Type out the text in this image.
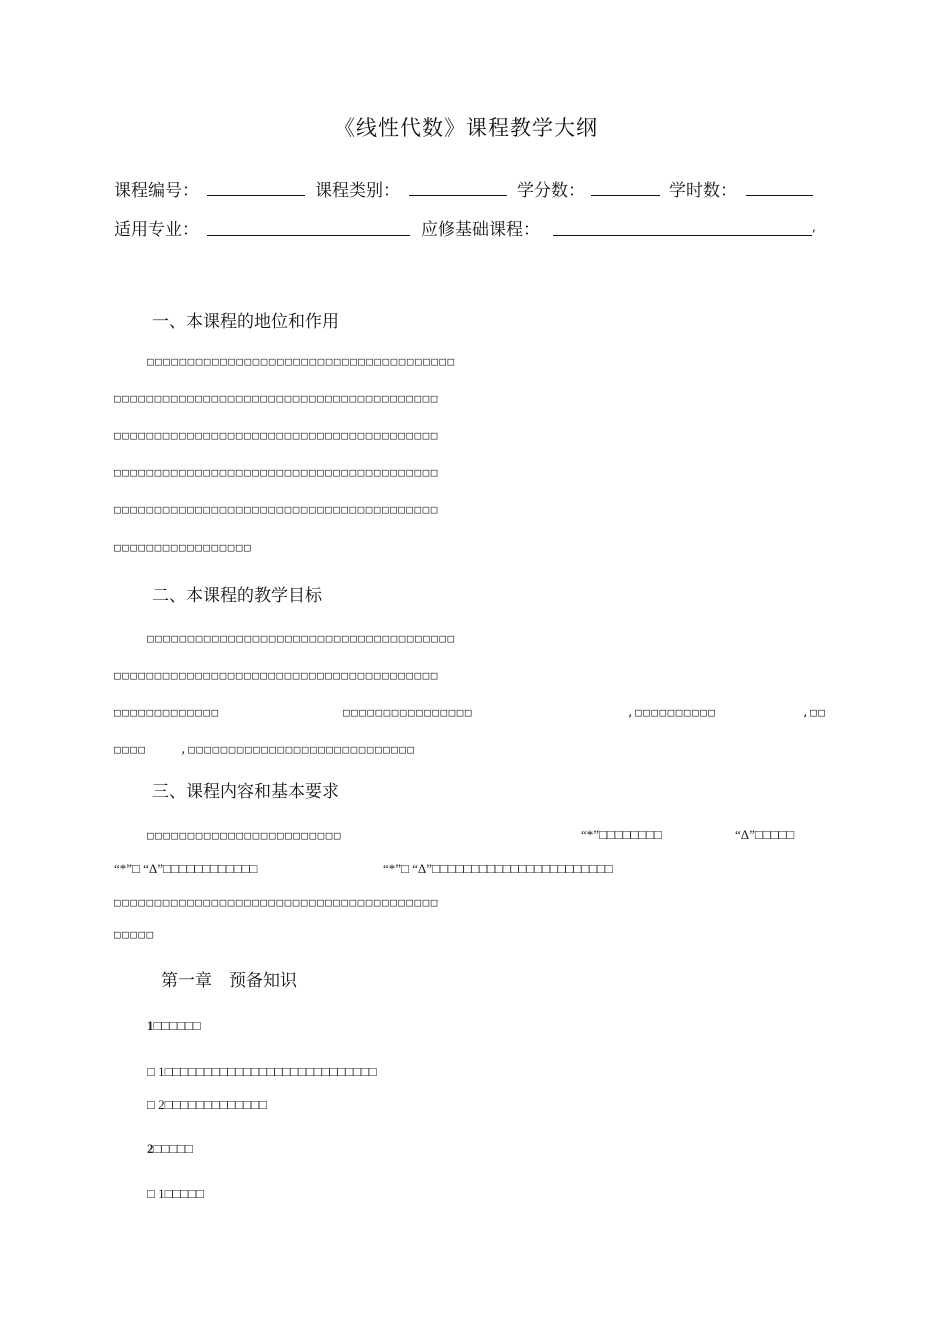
《线性代数》课程教学大纲
课程编号：	课程类别：	学分数：	学时数：
适用专业：	应修基础课程：	,
一、本课程的地位和作用
□□□□□□□□□□□□□□□□□□□□□□□□□□□□□□□□□□□□□□
□□□□□□□□□□□□□□□□□□□□□□□□□□□□□□□□□□□□□□□□
□□□□□□□□□□□□□□□□□□□□□□□□□□□□□□□□□□□□□□□□
□□□□□□□□□□□□□□□□□□□□□□□□□□□□□□□□□□□□□□□□
□□□□□□□□□□□□□□□□□□□□□□□□□□□□□□□□□□□□□□□□
□□□□□□□□□□□□□□□□□
二、本课程的教学目标
□□□□□□□□□□□□□□□□□□□□□□□□□□□□□□□□□□□□□□
□□□□□□□□□□□□□□□□□□□□□□□□□□□□□□□□□□□□□□□□
□□□□□□□□□□□□□	□□□□□□□□□□□□□□□□	,□□□□□□□□□□	,□□
□□□□	,□□□□□□□□□□□□□□□□□□□□□□□□□□□□
三、课程内容和基本要求
□□□□□□□□□□□□□□□□□□□□□□□□	“*”□□□□□□□□	“Δ”□□□□□
“*”□ “Δ”□□□□□□□□□□□□	“*”□ “Δ”□□□□□□□□□□□□□□□□□□□□□□□
□□□□□□□□□□□□□□□□□□□□□□□□□□□□□□□□□□□□□□□□
□□□□□
第一章　预备知识
1□□□□□□
□ 1□□□□□□□□□□□□□□□□□□□□□□□□□□□
□ 2□□□□□□□□□□□□□
2□□□□□
□ 1□□□□□
